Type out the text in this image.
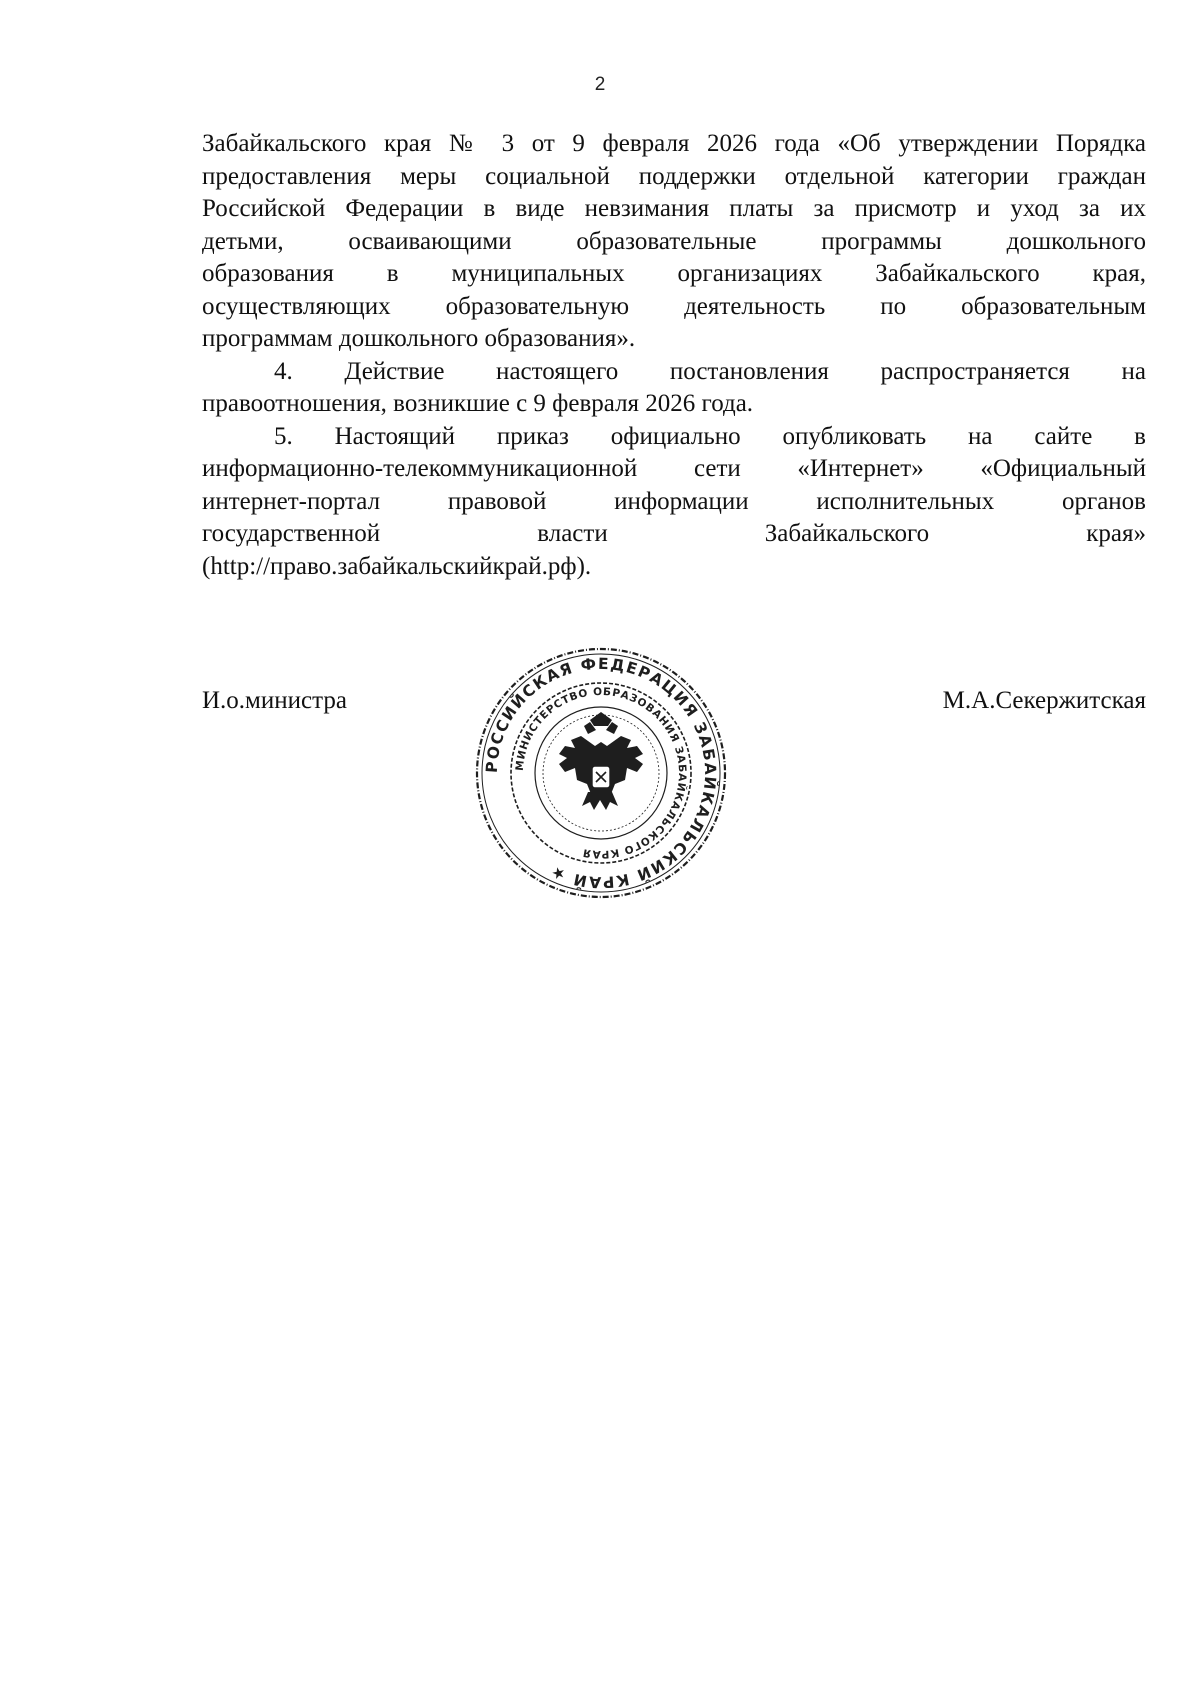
2

Забайкальского края № 3 от 9 февраля 2026 года «Об утверждении Порядка

предоставления меры социальной поддержки отдельной категории граждан

Российской Федерации в виде невзимания платы за присмотр и уход за их

детьми, осваивающими образовательные программы дошкольного

образования в муниципальных организациях Забайкальского края,

осуществляющих образовательную деятельность по образовательным

программам дошкольного образования».

4. Действие настоящего постановления распространяется на

правоотношения, возникшие с 9 февраля 2026 года.

5. Настоящий приказ официально опубликовать на сайте в

информационно-телекоммуникационной сети «Интернет» «Официальный

интернет-портал правовой информации исполнительных органов

государственной власти Забайкальского края»

(http://право.забайкальскийкрай.рф).

И.о.министра	М.А.Секержитская
РОССИЙСКАЯ ФЕДЕРАЦИЯ ЗАБАЙКАЛЬСКИЙ КРАЙ ★
МИНИСТЕРСТВО ОБРАЗОВАНИЯ ЗАБАЙКАЛЬСКОГО КРАЯ
